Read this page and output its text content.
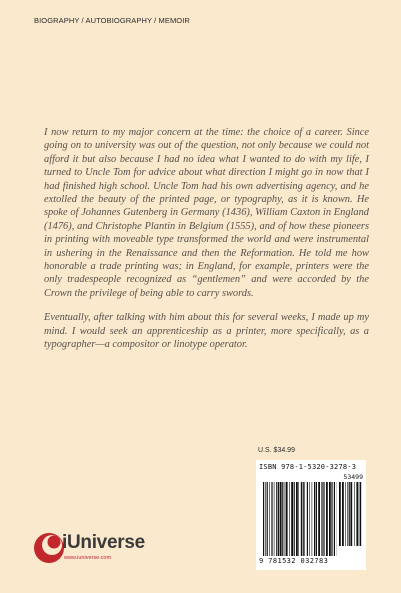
BIOGRAPHY / AUTOBIOGRAPHY / MEMOIR

I now return to my major concern at the time: the choice of a career. Since going on to university was out of the question, not only because we could not afford it but also because I had no idea what I wanted to do with my life, I turned to Uncle Tom for advice about what direction I might go in now that I had finished high school. Uncle Tom had his own advertising agency, and he extolled the beauty of the printed page, or typography, as it is known. He spoke of Johannes Gutenberg in Germany (1436), William Caxton in England (1476), and Christophe Plantin in Belgium (1555), and of how these pioneers in printing with moveable type transformed the world and were instrumental in ushering in the Renaissance and then the Reformation. He told me how honorable a trade printing was; in England, for example, printers were the only tradespeople recognized as “gentlemen” and were accorded by the Crown the privilege of being able to carry swords.

Eventually, after talking with him about this for several weeks, I made up my mind. I would seek an apprenticeship as a printer, more specifically, as a typographer—a compositor or linotype operator.

U.S. $34.99
ISBN 978-1-5320-3278-3
53499
9 781532 032783
iUniverse
www.iuniverse.com
